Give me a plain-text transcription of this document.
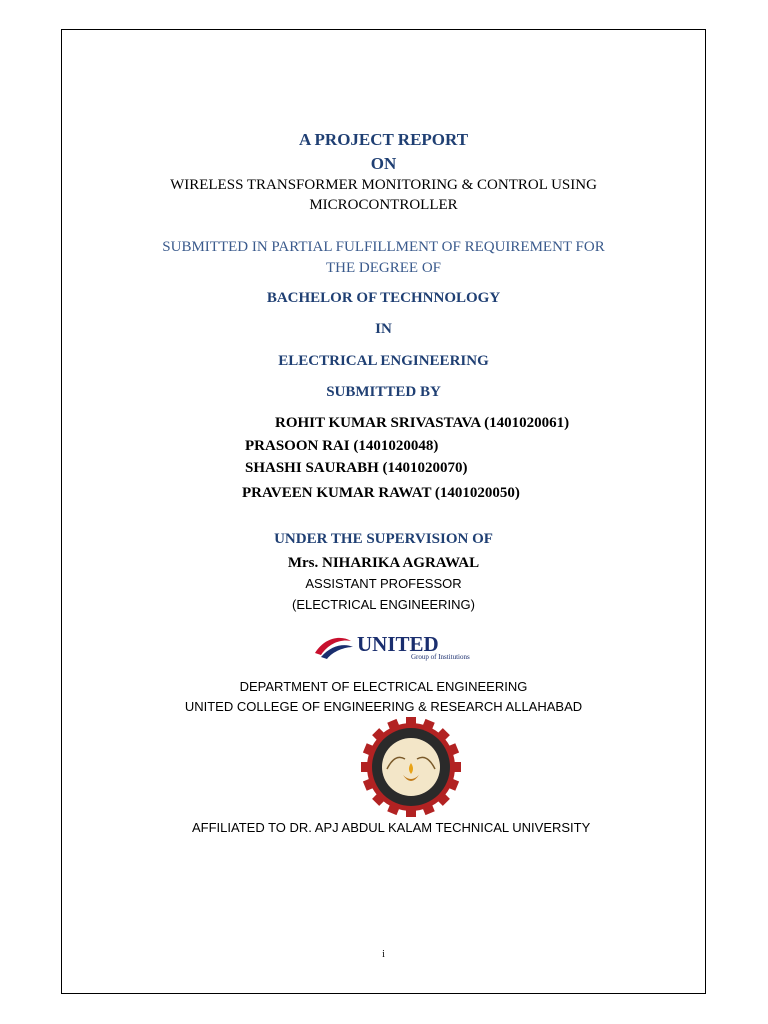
A PROJECT REPORT
ON
WIRELESS TRANSFORMER MONITORING & CONTROL USING
MICROCONTROLLER
SUBMITTED IN PARTIAL FULFILLMENT OF REQUIREMENT FOR
THE DEGREE OF
BACHELOR OF TECHNNOLOGY
IN
ELECTRICAL ENGINEERING
SUBMITTED BY
ROHIT KUMAR SRIVASTAVA (1401020061)
PRASOON RAI (1401020048)
SHASHI SAURABH (1401020070)
PRAVEEN KUMAR RAWAT (1401020050)
UNDER THE SUPERVISION OF
Mrs. NIHARIKA AGRAWAL
ASSISTANT PROFESSOR
(ELECTRICAL ENGINEERING)
UNITED
Group of Institutions
DEPARTMENT OF ELECTRICAL ENGINEERING
UNITED COLLEGE OF ENGINEERING & RESEARCH ALLAHABAD
AFFILIATED TO DR. APJ ABDUL KALAM TECHNICAL UNIVERSITY
i
